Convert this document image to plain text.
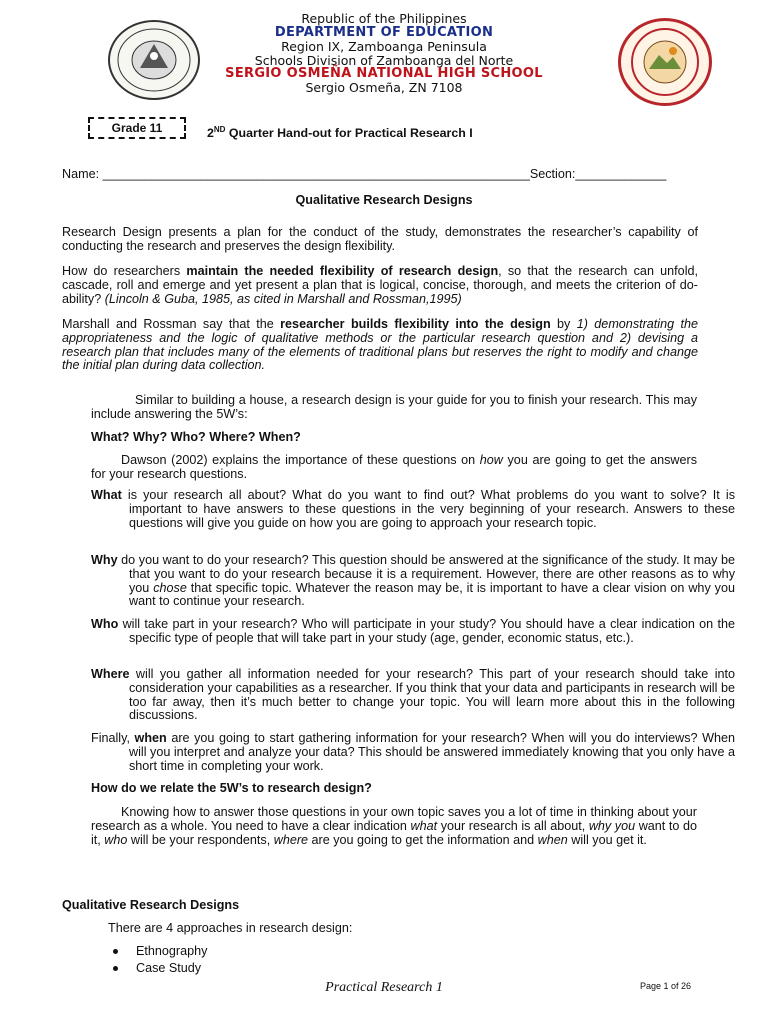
Republic of the Philippines
DEPARTMENT OF EDUCATION
Region IX, Zamboanga Peninsula
Schools Division of Zamboanga del Norte
SERGIO OSMEÑA NATIONAL HIGH SCHOOL
Sergio Osmeña, ZN 7108
Grade 11	2ND Quarter Hand-out for Practical Research I
Name: _____________________________________________________________Section:_____________
Qualitative Research Designs
Research Design presents a plan for the conduct of the study, demonstrates the researcher’s capability of conducting the research and preserves the design flexibility.
How do researchers maintain the needed flexibility of research design, so that the research can unfold, cascade, roll and emerge and yet present a plan that is logical, concise, thorough, and meets the criterion of do-ability? (Lincoln & Guba, 1985, as cited in Marshall and Rossman,1995)
Marshall and Rossman say that the researcher builds flexibility into the design by 1) demonstrating the appropriateness and the logic of qualitative methods or the particular research question and 2) devising a research plan that includes many of the elements of traditional plans but reserves the right to modify and change the initial plan during data collection.
Similar to building a house, a research design is your guide for you to finish your research. This may include answering the 5W’s:
What? Why? Who? Where? When?
Dawson (2002) explains the importance of these questions on how you are going to get the answers for your research questions.
What is your research all about? What do you want to find out? What problems do you want to solve? It is important to have answers to these questions in the very beginning of your research. Answers to these questions will give you guide on how you are going to approach your research topic.
Why do you want to do your research? This question should be answered at the significance of the study. It may be that you want to do your research because it is a requirement. However, there are other reasons as to why you chose that specific topic. Whatever the reason may be, it is important to have a clear vision on why you want to continue your research.
Who will take part in your research? Who will participate in your study? You should have a clear indication on the specific type of people that will take part in your study (age, gender, economic status, etc.).
Where will you gather all information needed for your research? This part of your research should take into consideration your capabilities as a researcher. If you think that your data and participants in research will be too far away, then it’s much better to change your topic. You will learn more about this in the following discussions.
Finally, when are you going to start gathering information for your research? When will you do interviews? When will you interpret and analyze your data? This should be answered immediately knowing that you only have a short time in completing your work.
How do we relate the 5W’s to research design?
Knowing how to answer those questions in your own topic saves you a lot of time in thinking about your research as a whole. You need to have a clear indication what your research is all about, why you want to do it, who will be your respondents, where are you going to get the information and when will you get it.
Qualitative Research Designs
There are 4 approaches in research design:
Ethnography
Case Study
Practical Research 1	Page 1 of 26
